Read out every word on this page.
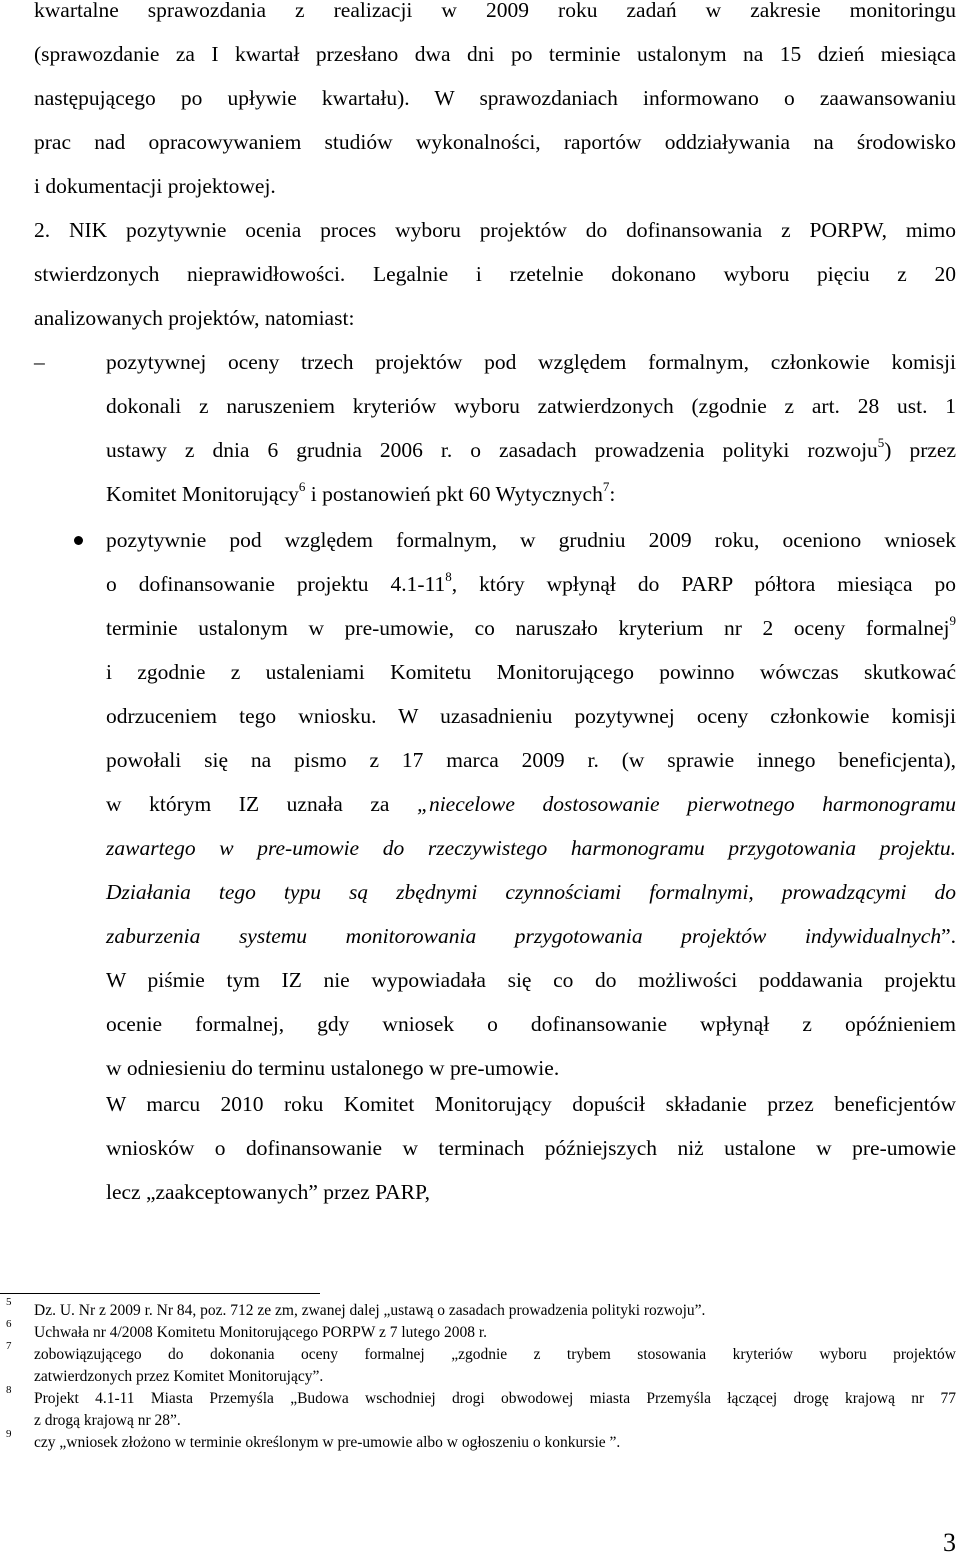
kwartalne sprawozdania z realizacji w 2009 roku zadań w zakresie monitoringu
(sprawozdanie za I kwartał przesłano dwa dni po terminie ustalonym na 15 dzień miesiąca
następującego po upływie kwartału). W sprawozdaniach informowano o zaawansowaniu
prac nad opracowywaniem studiów wykonalności, raportów oddziaływania na środowisko
i dokumentacji projektowej.
2. NIK pozytywnie ocenia proces wyboru projektów do dofinansowania z PORPW, mimo
stwierdzonych nieprawidłowości. Legalnie i rzetelnie dokonano wyboru pięciu z 20
analizowanych projektów, natomiast:
–	pozytywnej oceny trzech projektów pod względem formalnym, członkowie komisji
dokonali z naruszeniem kryteriów wyboru zatwierdzonych (zgodnie z art. 28 ust. 1
ustawy z dnia 6 grudnia 2006 r. o zasadach prowadzenia polityki rozwoju$^5$) przez
Komitet Monitorujący$^6$ i postanowień pkt 60 Wytycznych$^7$:
pozytywnie pod względem formalnym, w grudniu 2009 roku, oceniono wniosek
o dofinansowanie projektu $4.1-11^8$, który wpłynął do PARP półtora miesiąca po
terminie ustalonym w pre-umowie, co naruszało kryterium nr 2 oceny formalnej$^9$
i zgodnie z ustaleniami Komitetu Monitorującego powinno wówczas skutkować
odrzuceniem tego wniosku. W uzasadnieniu pozytywnej oceny członkowie komisji
powołali się na pismo z 17 marca 2009 r. (w sprawie innego beneficjenta),
w którym IZ uznała za „niecelowe dostosowanie pierwotnego harmonogramu
zawartego w pre-umowie do rzeczywistego harmonogramu przygotowania projektu.
Działania tego typu są zbędnymi czynnościami formalnymi, prowadzącymi do
zaburzenia systemu monitorowania przygotowania projektów indywidualnych”.
W piśmie tym IZ nie wypowiadała się co do możliwości poddawania projektu
ocenie formalnej, gdy wniosek o dofinansowanie wpłynął z opóźnieniem
w odniesieniu do terminu ustalonego w pre-umowie.
W marcu 2010 roku Komitet Monitorujący dopuścił składanie przez beneficjentów
wniosków o dofinansowanie w terminach późniejszych niż ustalone w pre-umowie
lecz „zaakceptowanych” przez PARP,
5 Dz. U. Nr z 2009 r. Nr 84, poz. 712 ze zm, zwanej dalej „ustawą o zasadach prowadzenia polityki rozwoju”.
6 Uchwała nr 4/2008 Komitetu Monitorującego PORPW z 7 lutego 2008 r.
7 zobowiązującego do dokonania oceny formalnej „zgodnie z trybem stosowania kryteriów wyboru projektów
zatwierdzonych przez Komitet Monitorujący”.
8 Projekt 4.1-11 Miasta Przemyśla „Budowa wschodniej drogi obwodowej miasta Przemyśla łączącej drogę krajową nr 77
z drogą krajową nr 28”.
9 czy „wniosek złożono w terminie określonym w pre-umowie albo w ogłoszeniu o konkursie ”.
3
